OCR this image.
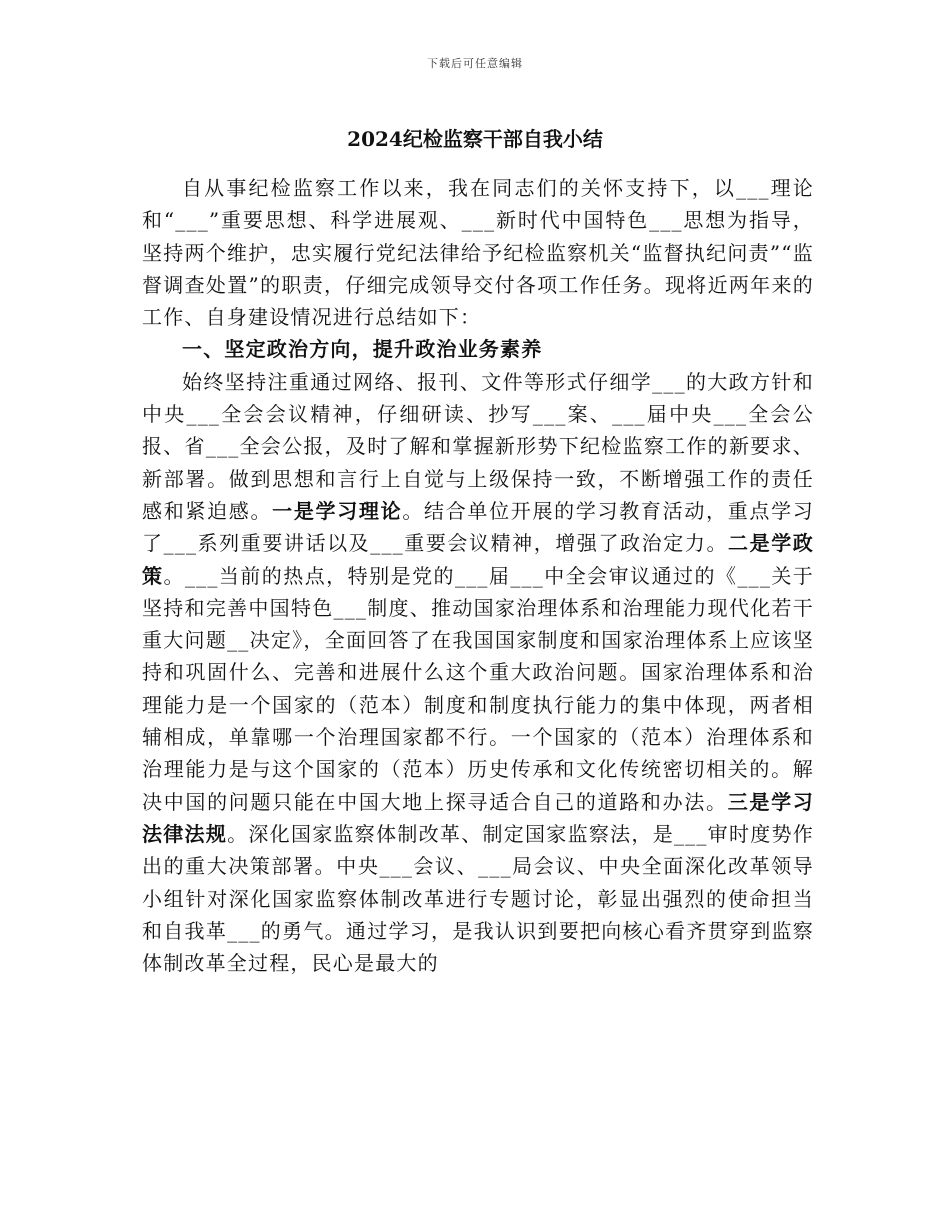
下载后可任意编辑
2024纪检监察干部自我小结

自从事纪检监察工作以来，我在同志们的关怀支持下，以___理论和“___”重要思想、科学进展观、___新时代中国特色___思想为指导，坚持两个维护，忠实履行党纪法律给予纪检监察机关“监督执纪问责”“监督调查处置”的职责，仔细完成领导交付各项工作任务。现将近两年来的工作、自身建设情况进行总结如下：

一、坚定政治方向，提升政治业务素养

始终坚持注重通过网络、报刊、文件等形式仔细学___的大政方针和中央___全会会议精神，仔细研读、抄写___案、___届中央___全会公报、省___全会公报，及时了解和掌握新形势下纪检监察工作的新要求、新部署。做到思想和言行上自觉与上级保持一致，不断增强工作的责任感和紧迫感。一是学习理论。结合单位开展的学习教育活动，重点学习了___系列重要讲话以及___重要会议精神，增强了政治定力。二是学政策。___当前的热点，特别是党的___届___中全会审议通过的《___关于坚持和完善中国特色___制度、推动国家治理体系和治理能力现代化若干重大问题__决定》，全面回答了在我国国家制度和国家治理体系上应该坚持和巩固什么、完善和进展什么这个重大政治问题。国家治理体系和治理能力是一个国家的（范本）制度和制度执行能力的集中体现，两者相辅相成，单靠哪一个治理国家都不行。一个国家的（范本）治理体系和治理能力是与这个国家的（范本）历史传承和文化传统密切相关的。解决中国的问题只能在中国大地上探寻适合自己的道路和办法。三是学习法律法规。深化国家监察体制改革、制定国家监察法，是___审时度势作出的重大决策部署。中央___会议、___局会议、中央全面深化改革领导小组针对深化国家监察体制改革进行专题讨论，彰显出强烈的使命担当和自我革___的勇气。通过学习，是我认识到要把向核心看齐贯穿到监察体制改革全过程，民心是最大的
